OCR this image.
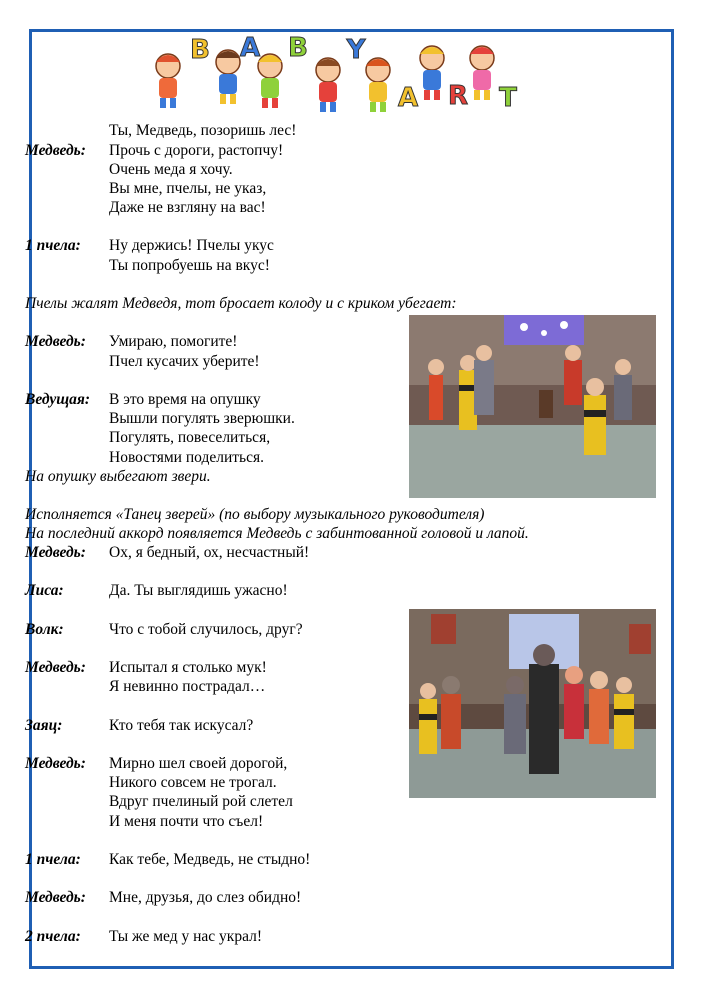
B A B Y
A R T
Ты, Медведь, позоришь лес!
Медведь: Прочь с дороги, растопчу!
Очень меда я хочу.
Вы мне, пчелы, не указ,
Даже не взгляну на вас!
1 пчела: Ну держись! Пчелы укус
Ты попробуешь на вкус!
Пчелы жалят Медведя, тот бросает колоду и с криком убегает:
Медведь: Умираю, помогите!
Пчел кусачих уберите!
Ведущая: В это время на опушку
Вышли погулять зверюшки.
Погулять, повеселиться,
Новостями поделиться.
На опушку выбегают звери.
Исполняется «Танец зверей» (по выбору музыкального руководителя)
На последний аккорд появляется Медведь с забинтованной головой и лапой.
Медведь: Ох, я бедный, ох, несчастный!
Лиса:	Да. Ты выглядишь ужасно!
Волк:	Что с тобой случилось, друг?
Медведь: Испытал я столько мук!
Я невинно пострадал…
Заяц:	Кто тебя так искусал?
Медведь: Мирно шел своей дорогой,
Никого совсем не трогал.
Вдруг пчелиный рой слетел
И меня почти что съел!
1 пчела: Как тебе, Медведь, не стыдно!
Медведь: Мне, друзья, до слез обидно!
2 пчела: Ты же мед у нас украл!
